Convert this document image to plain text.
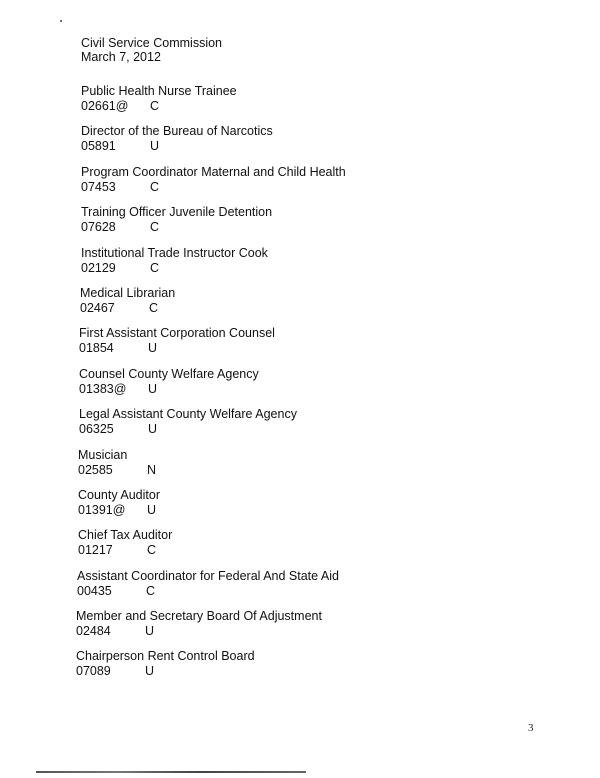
Civil Service Commission
March 7, 2012
Public Health Nurse Trainee
02661@ C
Director of the Bureau of Narcotics
05891	U
Program Coordinator Maternal and Child Health
07453	C
Training Officer Juvenile Detention
07628	C
Institutional Trade Instructor Cook
02129	C
Medical Librarian
02467	C
First Assistant Corporation Counsel
01854	U
Counsel County Welfare Agency
01383@ U
Legal Assistant County Welfare Agency
06325	U
Musician
02585	N
County Auditor
01391@ U
Chief Tax Auditor
01217	C
Assistant Coordinator for Federal And State Aid
00435	C
Member and Secretary Board Of Adjustment
02484	U
Chairperson Rent Control Board
07089	U
3
